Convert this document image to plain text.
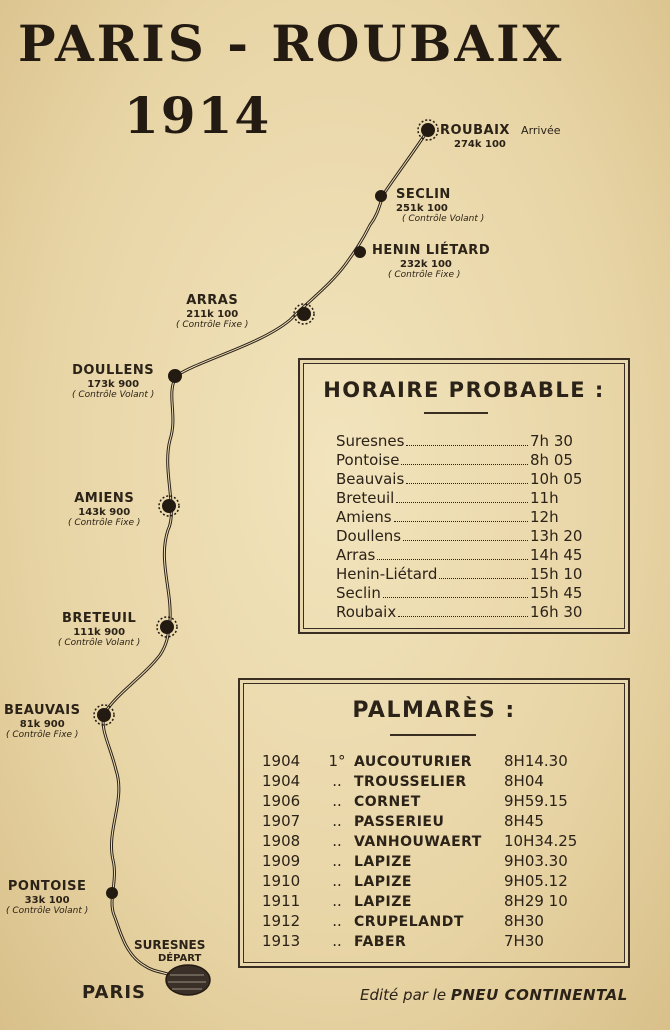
PARIS - ROUBAIX
1914	ROUBAIX Arrivée
274k 100
SECLIN
251k 100
( Contrôle Volant )
HENIN LIÉTARD
232k 100
( Contrôle Fixe )
ARRAS
211k 100
( Contrôle Fixe )
DOULLENS
173k 900
( Contrôle Volant )
AMIENS
143k 900
( Contrôle Fixe )
BRETEUIL
111k 900
( Contrôle Volant )
BEAUVAIS
81k 900
( Contrôle Fixe )
PONTOISE
33k 100
( Contrôle Volant )
SURESNES
DÉPART
PARIS
HORAIRE PROBABLE :
Suresnes	7h 30
Pontoise	8h 05
Beauvais	10h 05
Breteuil	11h
Amiens	12h
Doullens	13h 20
Arras	14h 45
Henin-Liétard	15h 10
Seclin	15h 45
Roubaix	16h 30
PALMARÈS :
1904	1° AUCOUTURIER	8H14.30
1904	.. TROUSSELIER	8H04
1906	.. CORNET	9H59.15
1907	.. PASSERIEU	8H45
1908	.. VANHOUWAERT	10H34.25
1909	.. LAPIZE	9H03.30
1910	.. LAPIZE	9H05.12
1911	.. LAPIZE	8H29 10
1912	.. CRUPELANDT	8H30
1913	.. FABER	7H30
Edité par le PNEU CONTINENTAL
